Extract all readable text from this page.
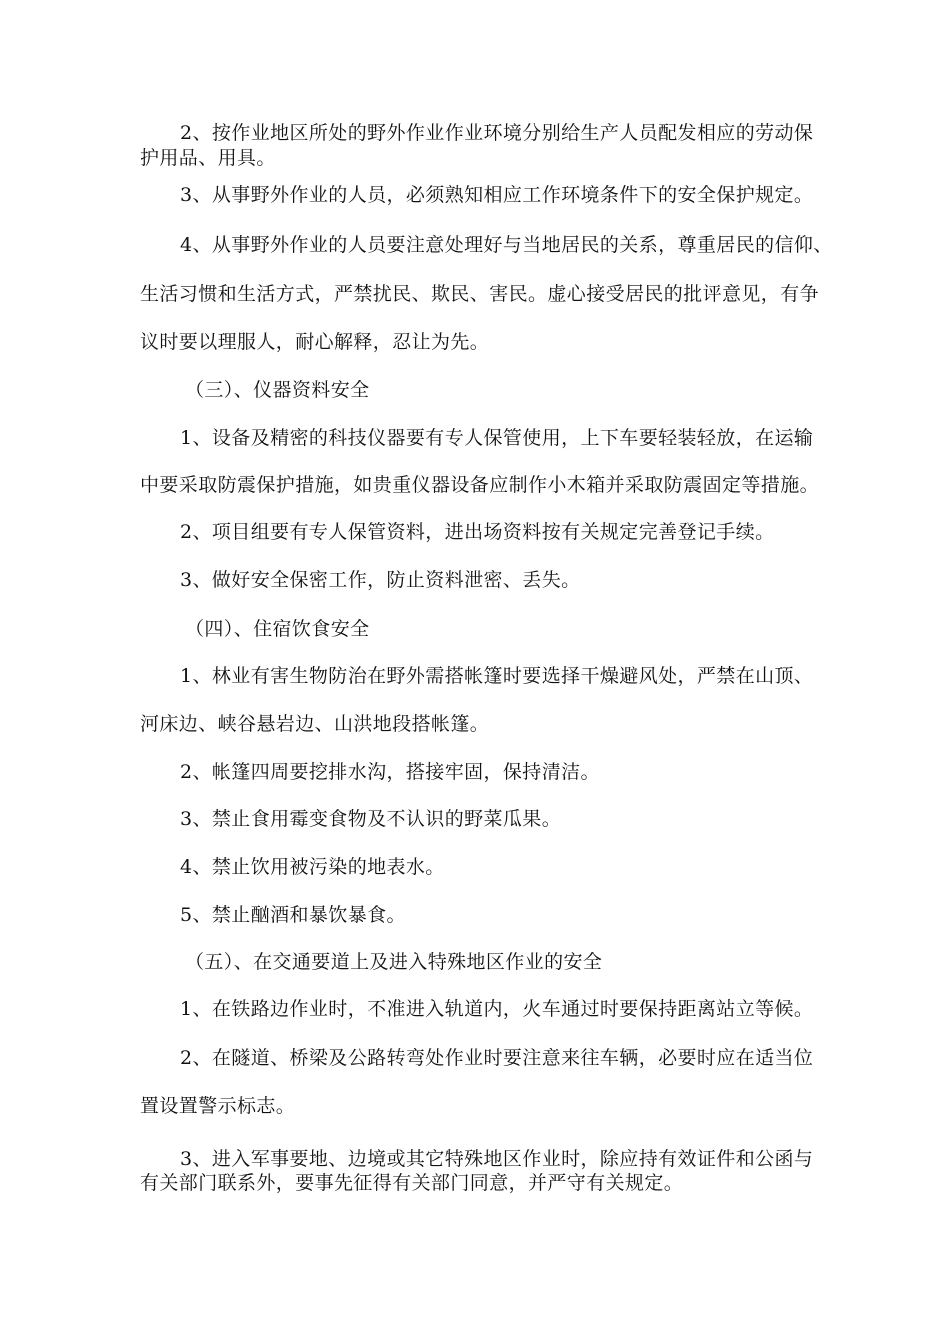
2、按作业地区所处的野外作业作业环境分别给生产人员配发相应的劳动保
护用品、用具。
3、从事野外作业的人员，必须熟知相应工作环境条件下的安全保护规定。
4、从事野外作业的人员要注意处理好与当地居民的关系，尊重居民的信仰、
生活习惯和生活方式，严禁扰民、欺民、害民。虚心接受居民的批评意见，有争
议时要以理服人，耐心解释，忍让为先。
（三）、仪器资料安全
1、设备及精密的科技仪器要有专人保管使用，上下车要轻装轻放，在运输
中要采取防震保护措施，如贵重仪器设备应制作小木箱并采取防震固定等措施。
2、项目组要有专人保管资料，进出场资料按有关规定完善登记手续。
3、做好安全保密工作，防止资料泄密、丢失。
（四）、住宿饮食安全
1、林业有害生物防治在野外需搭帐篷时要选择干燥避风处，严禁在山顶、
河床边、峡谷悬岩边、山洪地段搭帐篷。
2、帐篷四周要挖排水沟，搭接牢固，保持清洁。
3、禁止食用霉变食物及不认识的野菜瓜果。
4、禁止饮用被污染的地表水。
5、禁止酗酒和暴饮暴食。
（五）、在交通要道上及进入特殊地区作业的安全
1、在铁路边作业时，不准进入轨道内，火车通过时要保持距离站立等候。
2、在隧道、桥梁及公路转弯处作业时要注意来往车辆，必要时应在适当位
置设置警示标志。
3、进入军事要地、边境或其它特殊地区作业时，除应持有效证件和公函与
有关部门联系外，要事先征得有关部门同意，并严守有关规定。
